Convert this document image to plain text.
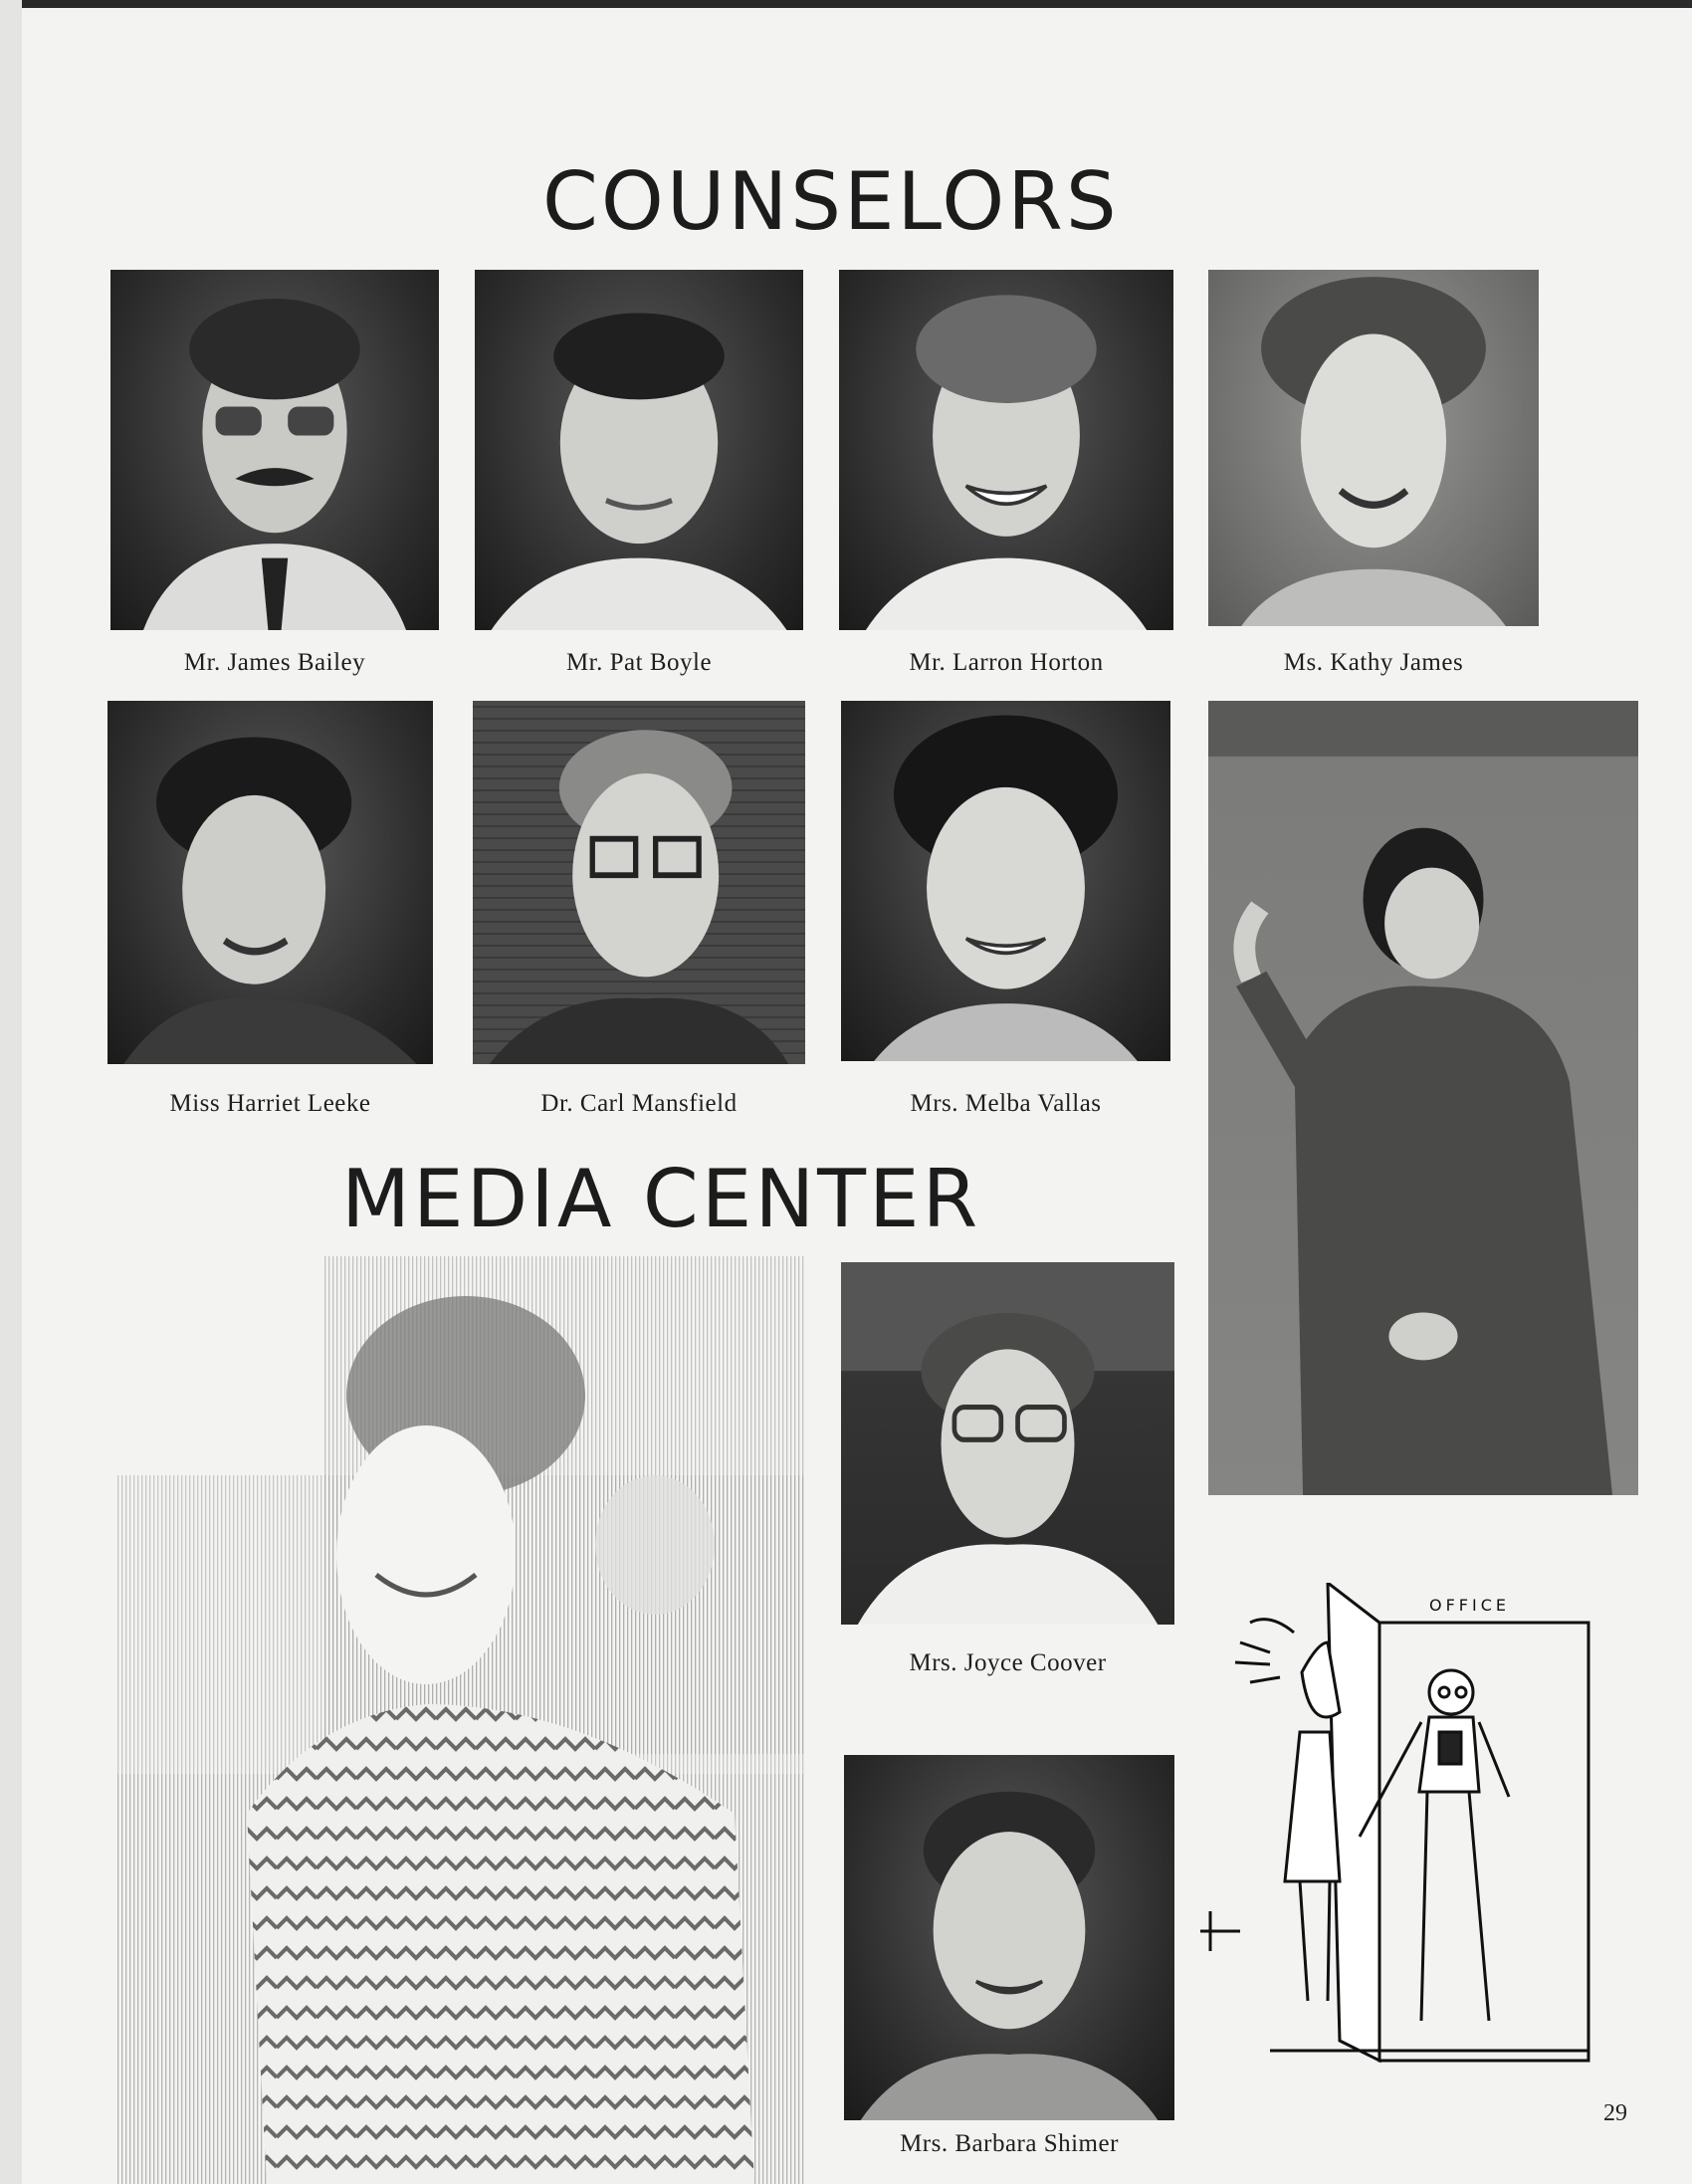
COUNSELORS
Mr. James Bailey	Mr. Pat Boyle	Mr. Larron Horton	Ms. Kathy James
Miss Harriet Leeke	Dr. Carl Mansfield	Mrs. Melba Vallas
MEDIA CENTER
Mrs. Joyce Coover
Mrs. Barbara Shimer
OFFICE
29
